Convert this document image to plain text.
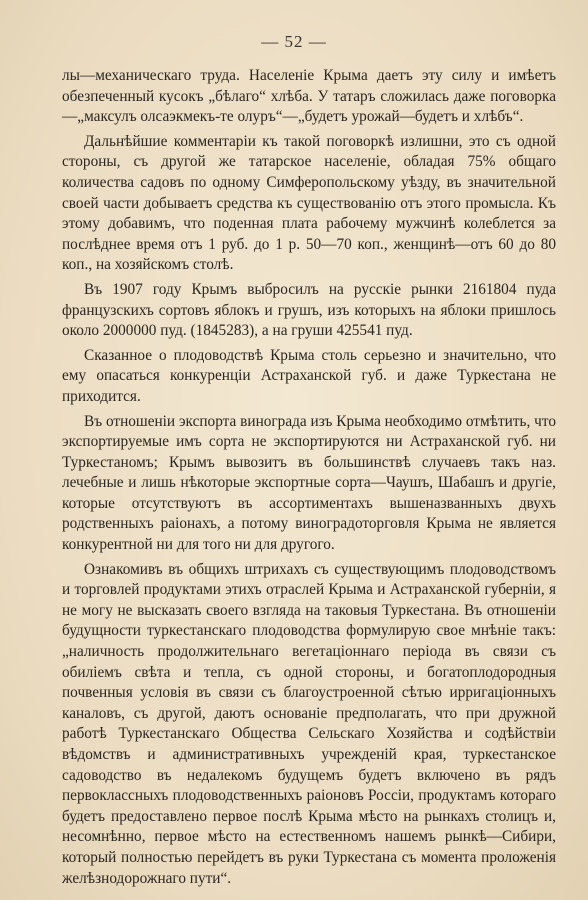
— 52 —

лы—механическаго труда. Населеніе Крыма даетъ эту силу и имѣетъ обезпеченный кусокъ „бѣлаго“ хлѣба. У татаръ сложилась даже поговорка—„максулъ олсаэкмекъ-те олуръ“—„будетъ урожай—будетъ и хлѣбъ“.

Дальнѣйшие комментаріи къ такой поговоркѣ излишни, это съ одной стороны, съ другой же татарское населеніе, обладая 75% общаго количества садовъ по одному Симферопольскому уѣзду, въ значительной своей части добываетъ средства къ существованію отъ этого промысла. Къ этому добавимъ, что поденная плата рабочему мужчинѣ колеблется за послѣднее время отъ 1 руб. до 1 р. 50—70 коп., женщинѣ—отъ 60 до 80 коп., на хозяйскомъ столѣ.

Въ 1907 году Крымъ выбросилъ на русскіе рынки 2161804 пуда французскихъ сортовъ яблокъ и грушъ, изъ которыхъ на яблоки пришлось около 2000000 пуд. (1845283), а на груши 425541 пуд.

Сказанное о плодоводствѣ Крыма столь серьезно и значительно, что ему опасаться конкуренціи Астраханской губ. и даже Туркестана не приходится.

Въ отношеніи экспорта винограда изъ Крыма необходимо отмѣтить, что экспортируемые имъ сорта не экспортируются ни Астраханской губ. ни Туркестаномъ; Крымъ вывозитъ въ большинствѣ случаевъ такъ наз. лечебные и лишь нѣкоторые экспортные сорта—Чаушъ, Шабашъ и другіе, которые отсутствуютъ въ ассортиментахъ вышеназванныхъ двухъ родственныхъ раіонахъ, а потому виноградоторговля Крыма не является конкурентной ни для того ни для другого.

Ознакомивъ въ общихъ штрихахъ съ существующимъ плодоводствомъ и торговлей продуктами этихъ отраслей Крыма и Астраханской губерніи, я не могу не высказать своего взгляда на таковыя Туркестана. Въ отношеніи будущности туркестанскаго плодоводства формулирую свое мнѣніе такъ: „наличность продолжительнаго вегетаціоннаго періода въ связи съ обиліемъ свѣта и тепла, съ одной стороны, и богатоплодородныя почвенныя условія въ связи съ благоустроенной сѣтью ирригаціонныхъ каналовъ, съ другой, даютъ основаніе предполагать, что при дружной работѣ Туркестанскаго Общества Сельскаго Хозяйства и содѣйствіи вѣдомствъ и административныхъ учрежденій края, туркестанское садоводство въ недалекомъ будущемъ будетъ включено въ рядъ первоклассныхъ плодоводственныхъ раіоновъ Россіи, продуктамъ котораго будетъ предоставлено первое послѣ Крыма мѣсто на рынкахъ столицъ и, несомнѣнно, первое мѣсто на естественномъ нашемъ рынкѣ—Сибири, который полностью перейдетъ въ руки Туркестана съ момента проложенія желѣзнодорожнаго пути“.
